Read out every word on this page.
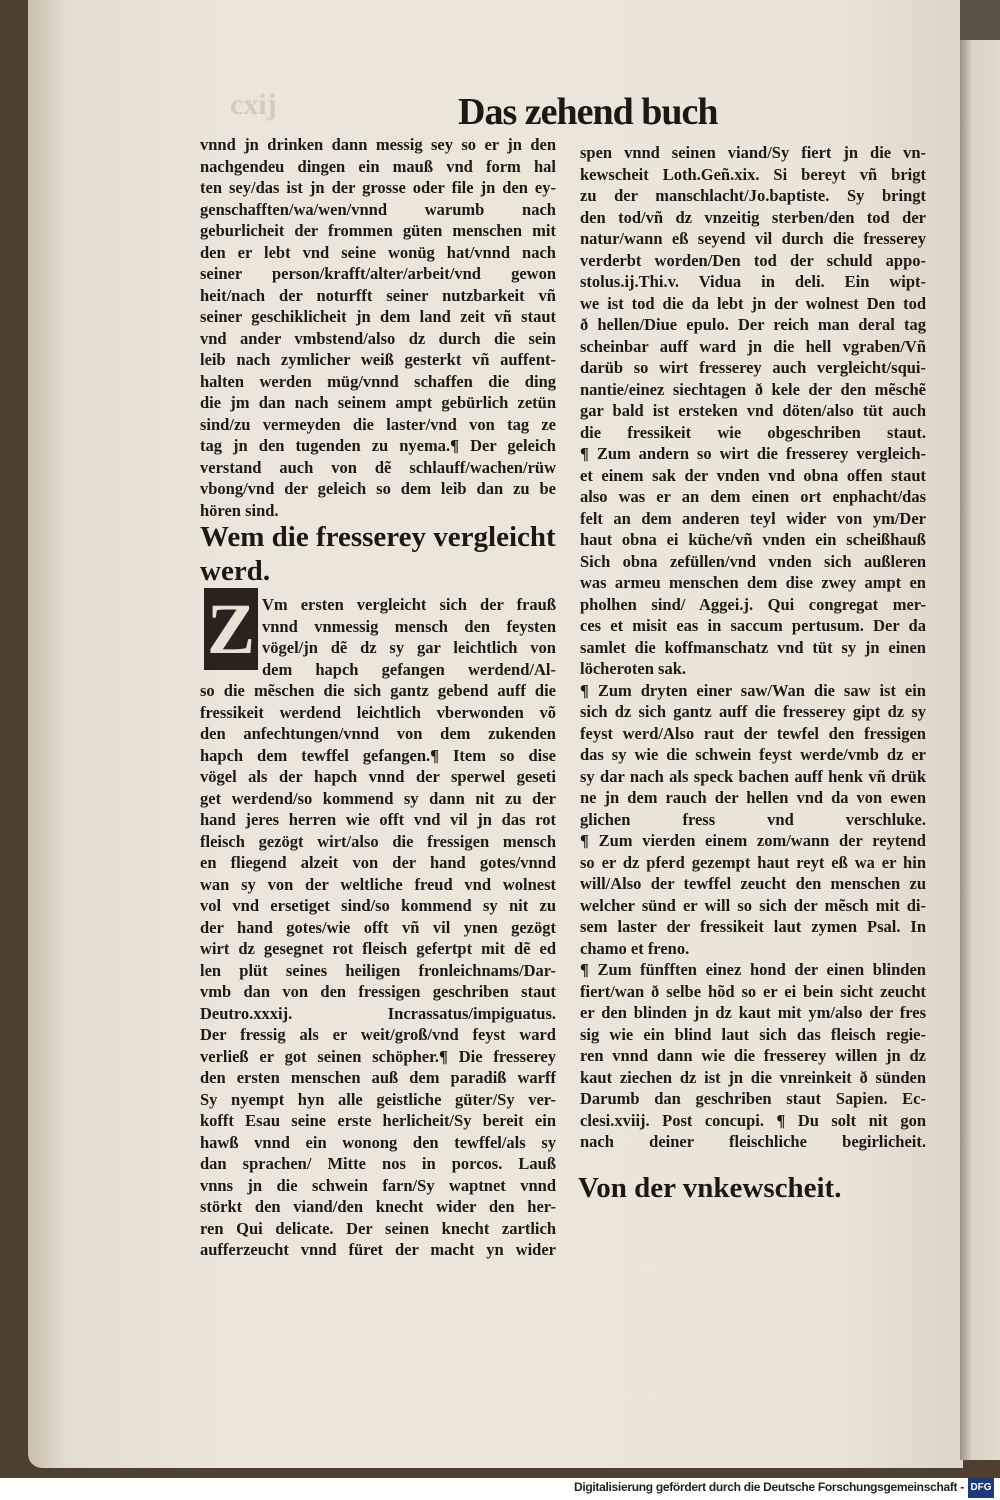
cxij	Das zehend buch
vnnd jn drinken dann messig sey so er jn den
nachgendeu dingen ein mauß vnd form hal
ten sey/das ist jn der grosse oder file jn den ey-
genschafften/wa/wen/vnnd warumb nach
geburlicheit der frommen güten menschen mit
den er lebt vnd seine wonüg hat/vnnd nach
seiner person/krafft/alter/arbeit/vnd gewon
heit/nach der noturfft seiner nutzbarkeit vñ
seiner geschiklicheit jn dem land zeit vñ staut
vnd ander vmbstend/also dz durch die sein
leib nach zymlicher weiß gesterkt vñ auffent-
halten werden müg/vnnd schaffen die ding
die jm dan nach seinem ampt gebürlich zetün
sind/zu vermeyden die laster/vnd von tag ze
tag jn den tugenden zu nyema.¶ Der geleich
verstand auch von dẽ schlauff/wachen/rüw
vbong/vnd der geleich so dem leib dan zu be
hören sind.
Wem die fresserey vergleicht werd.
Z Vm ersten vergleicht sich der frauß
vnnd vnmessig mensch den feysten
vögel/jn dẽ dz sy gar leichtlich von
dem hapch gefangen werdend/Al-
so die mẽschen die sich gantz gebend auff die
fressikeit werdend leichtlich vberwonden võ
den anfechtungen/vnnd von dem zukenden
hapch dem tewffel gefangen.¶ Item so dise
vögel als der hapch vnnd der sperwel geseti
get werdend/so kommend sy dann nit zu der
hand jeres herren wie offt vnd vil jn das rot
fleisch gezögt wirt/also die fressigen mensch
en fliegend alzeit von der hand gotes/vnnd
wan sy von der weltliche freud vnd wolnest
vol vnd ersetiget sind/so kommend sy nit zu
der hand gotes/wie offt vñ vil ynen gezögt
wirt dz gesegnet rot fleisch gefertpt mit dẽ ed
len plüt seines heiligen fronleichnams/Dar-
vmb dan von den fressigen geschriben staut
Deutro.xxxij. Incrassatus/impiguatus.
Der fressig als er weit/groß/vnd feyst ward
verließ er got seinen schöpher.¶ Die fresserey
den ersten menschen auß dem paradiß warff
Sy nyempt hyn alle geistliche güter/Sy ver-
kofft Esau seine erste herlicheit/Sy bereit ein
hawß vnnd ein wonong den tewffel/als sy
dan sprachen/ Mitte nos in porcos. Lauß
vnns jn die schwein farn/Sy waptnet vnnd
störkt den viand/den knecht wider den her-
ren Qui delicate. Der seinen knecht zartlich
aufferzeucht vnnd füret der macht yn wider
spen vnnd seinen viand/Sy fiert jn die vn-
kewscheit Loth.Geñ.xix. Si bereyt vñ brigt
zu der manschlacht/Jo.baptiste. Sy bringt
den tod/vñ dz vnzeitig sterben/den tod der
natur/wann eß seyend vil durch die fresserey
verderbt worden/Den tod der schuld appo-
stolus.ij.Thi.v. Vidua in deli. Ein wipt-
we ist tod die da lebt jn der wolnest Den tod
ð hellen/Diue epulo. Der reich man deral tag
scheinbar auff ward jn die hell vgraben/Vñ
darüb so wirt fresserey auch vergleicht/squi-
nantie/einez siechtagen ð kele der den mẽschẽ
gar bald ist ersteken vnd döten/also tüt auch
die fressikeit wie obgeschriben staut.
¶ Zum andern so wirt die fresserey vergleich-
et einem sak der vnden vnd obna offen staut
also was er an dem einen ort enphacht/das
felt an dem anderen teyl wider von ym/Der
haut obna ei küche/vñ vnden ein scheißhauß
Sich obna zefüllen/vnd vnden sich außleren
was armeu menschen dem dise zwey ampt en
pholhen sind/ Aggei.j. Qui congregat mer-
ces et misit eas in saccum pertusum. Der da
samlet die koffmanschatz vnd tüt sy jn einen
löcheroten sak.
¶ Zum dryten einer saw/Wan die saw ist ein
sich dz sich gantz auff die fresserey gipt dz sy
feyst werd/Also raut der tewfel den fressigen
das sy wie die schwein feyst werde/vmb dz er
sy dar nach als speck bachen auff henk vñ drük
ne jn dem rauch der hellen vnd da von ewen
glichen fress vnd verschluke.
¶ Zum vierden einem zom/wann der reytend
so er dz pferd gezempt haut reyt eß wa er hin
will/Also der tewffel zeucht den menschen zu
welcher sünd er will so sich der mẽsch mit di-
sem laster der fressikeit laut zymen Psal. In
chamo et freno.
¶ Zum fünfften einez hond der einen blinden
fiert/wan ð selbe hõd so er ei bein sicht zeucht
er den blinden jn dz kaut mit ym/also der fres
sig wie ein blind laut sich das fleisch regie-
ren vnnd dann wie die fresserey willen jn dz
kaut ziechen dz ist jn die vnreinkeit ð sünden
Darumb dan geschriben staut Sapien. Ec-
clesi.xviij. Post concupi. ¶ Du solt nit gon
nach deiner fleischliche begirlicheit.
Von der vnkewscheit.
Digitalisierung gefördert durch die Deutsche Forschungsgemeinschaft - DFG
